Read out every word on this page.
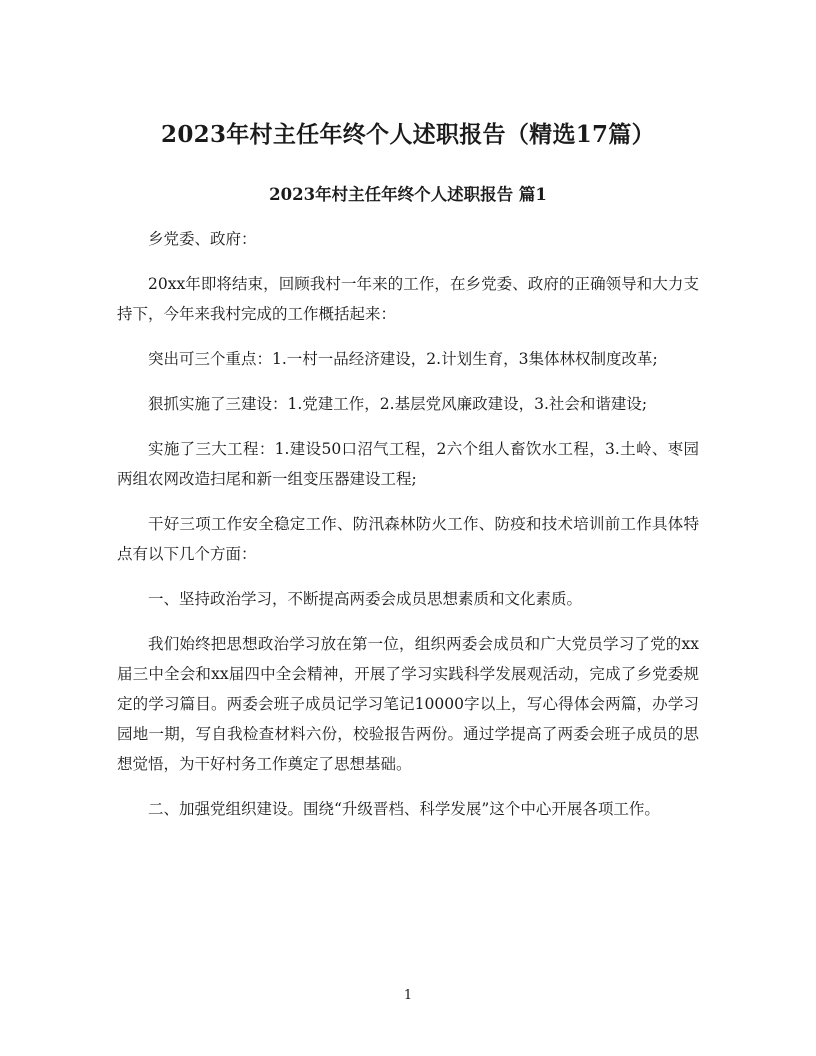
2023年村主任年终个人述职报告（精选17篇）
2023年村主任年终个人述职报告 篇1

乡党委、政府：

20xx年即将结束，回顾我村一年来的工作，在乡党委、政府的正确领导和大力支持下，今年来我村完成的工作概括起来：

突出可三个重点：1.一村一品经济建设，2.计划生育，3集体林权制度改革;

狠抓实施了三建设：1.党建工作，2.基层党风廉政建设，3.社会和谐建设;

实施了三大工程：1.建设50口沼气工程，2六个组人畜饮水工程，3.土岭、枣园两组农网改造扫尾和新一组变压器建设工程;

干好三项工作安全稳定工作、防汛森林防火工作、防疫和技术培训前工作具体特点有以下几个方面：

一、坚持政治学习，不断提高两委会成员思想素质和文化素质。

我们始终把思想政治学习放在第一位，组织两委会成员和广大党员学习了党的xx届三中全会和xx届四中全会精神，开展了学习实践科学发展观活动，完成了乡党委规定的学习篇目。两委会班子成员记学习笔记10000字以上，写心得体会两篇，办学习园地一期，写自我检查材料六份，校验报告两份。通过学提高了两委会班子成员的思想觉悟，为干好村务工作奠定了思想基础。

二、加强党组织建设。围绕“升级晋档、科学发展”这个中心开展各项工作。

1
